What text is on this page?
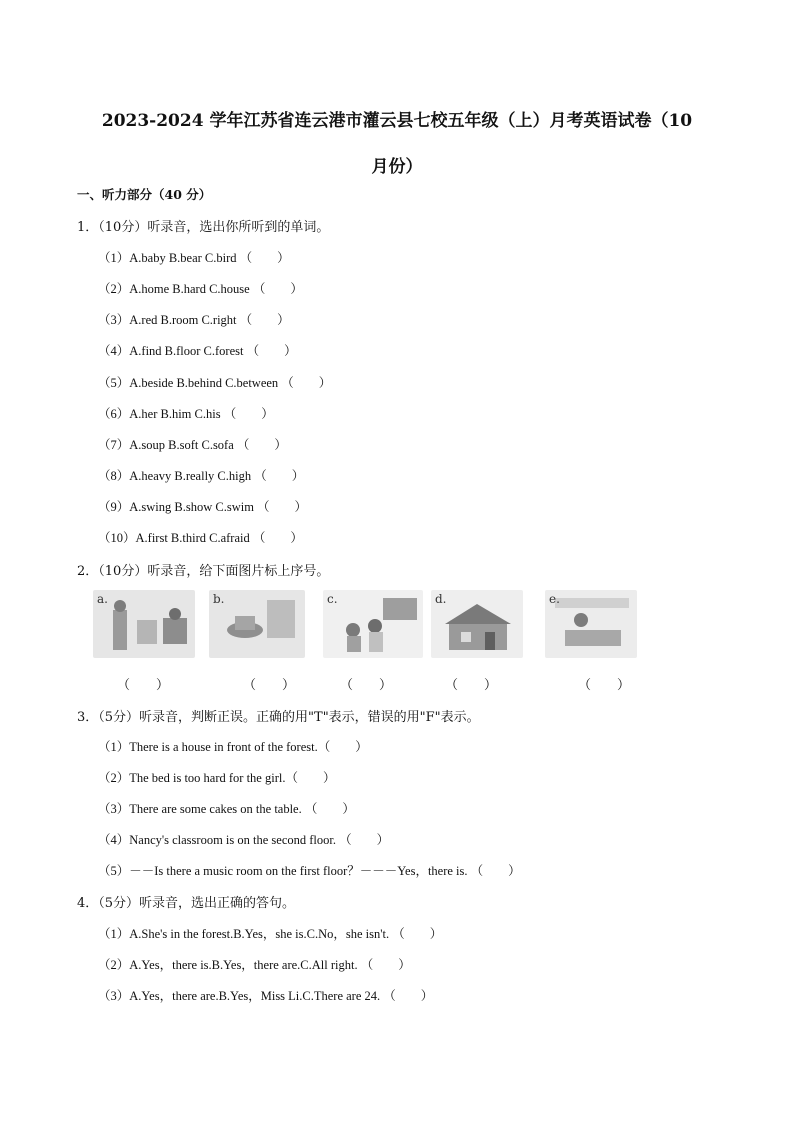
2023-2024 学年江苏省连云港市灌云县七校五年级（上）月考英语试卷（10
月份）
一、听力部分（40 分）
1．（10分）听录音，选出你所听到的单词。
（1）A.baby B.bear C.bird （　　）
（2）A.home B.hard C.house （　　）
（3）A.red B.room C.right （　　）
（4）A.find B.floor C.forest （　　）
（5）A.beside B.behind C.between （　　）
（6）A.her B.him C.his （　　）
（7）A.soup B.soft C.sofa （　　）
（8）A.heavy B.really C.high （　　）
（9）A.swing B.show C.swim （　　）
（10）A.first B.third C.afraid （　　）
2．（10分）听录音，给下面图片标上序号。
a.	b.	c.	d.	e.
（　　）	（　　）	（　　）	（　　）	（　　）
3．（5分）听录音，判断正误。正确的用"T"表示，错误的用"F"表示。
（1）There is a house in front of the forest.（　　）
（2）The bed is too hard for the girl.（　　）
（3）There are some cakes on the table. （　　）
（4）Nancy's classroom is on the second floor. （　　）
（5）－－Is there a music room on the first floor？－－－Yes，there is. （　　）
4．（5分）听录音，选出正确的答句。
（1）A.She's in the forest.B.Yes，she is.C.No，she isn't. （　　）
（2）A.Yes，there is.B.Yes，there are.C.All right. （　　）
（3）A.Yes，there are.B.Yes，Miss Li.C.There are 24. （　　）
